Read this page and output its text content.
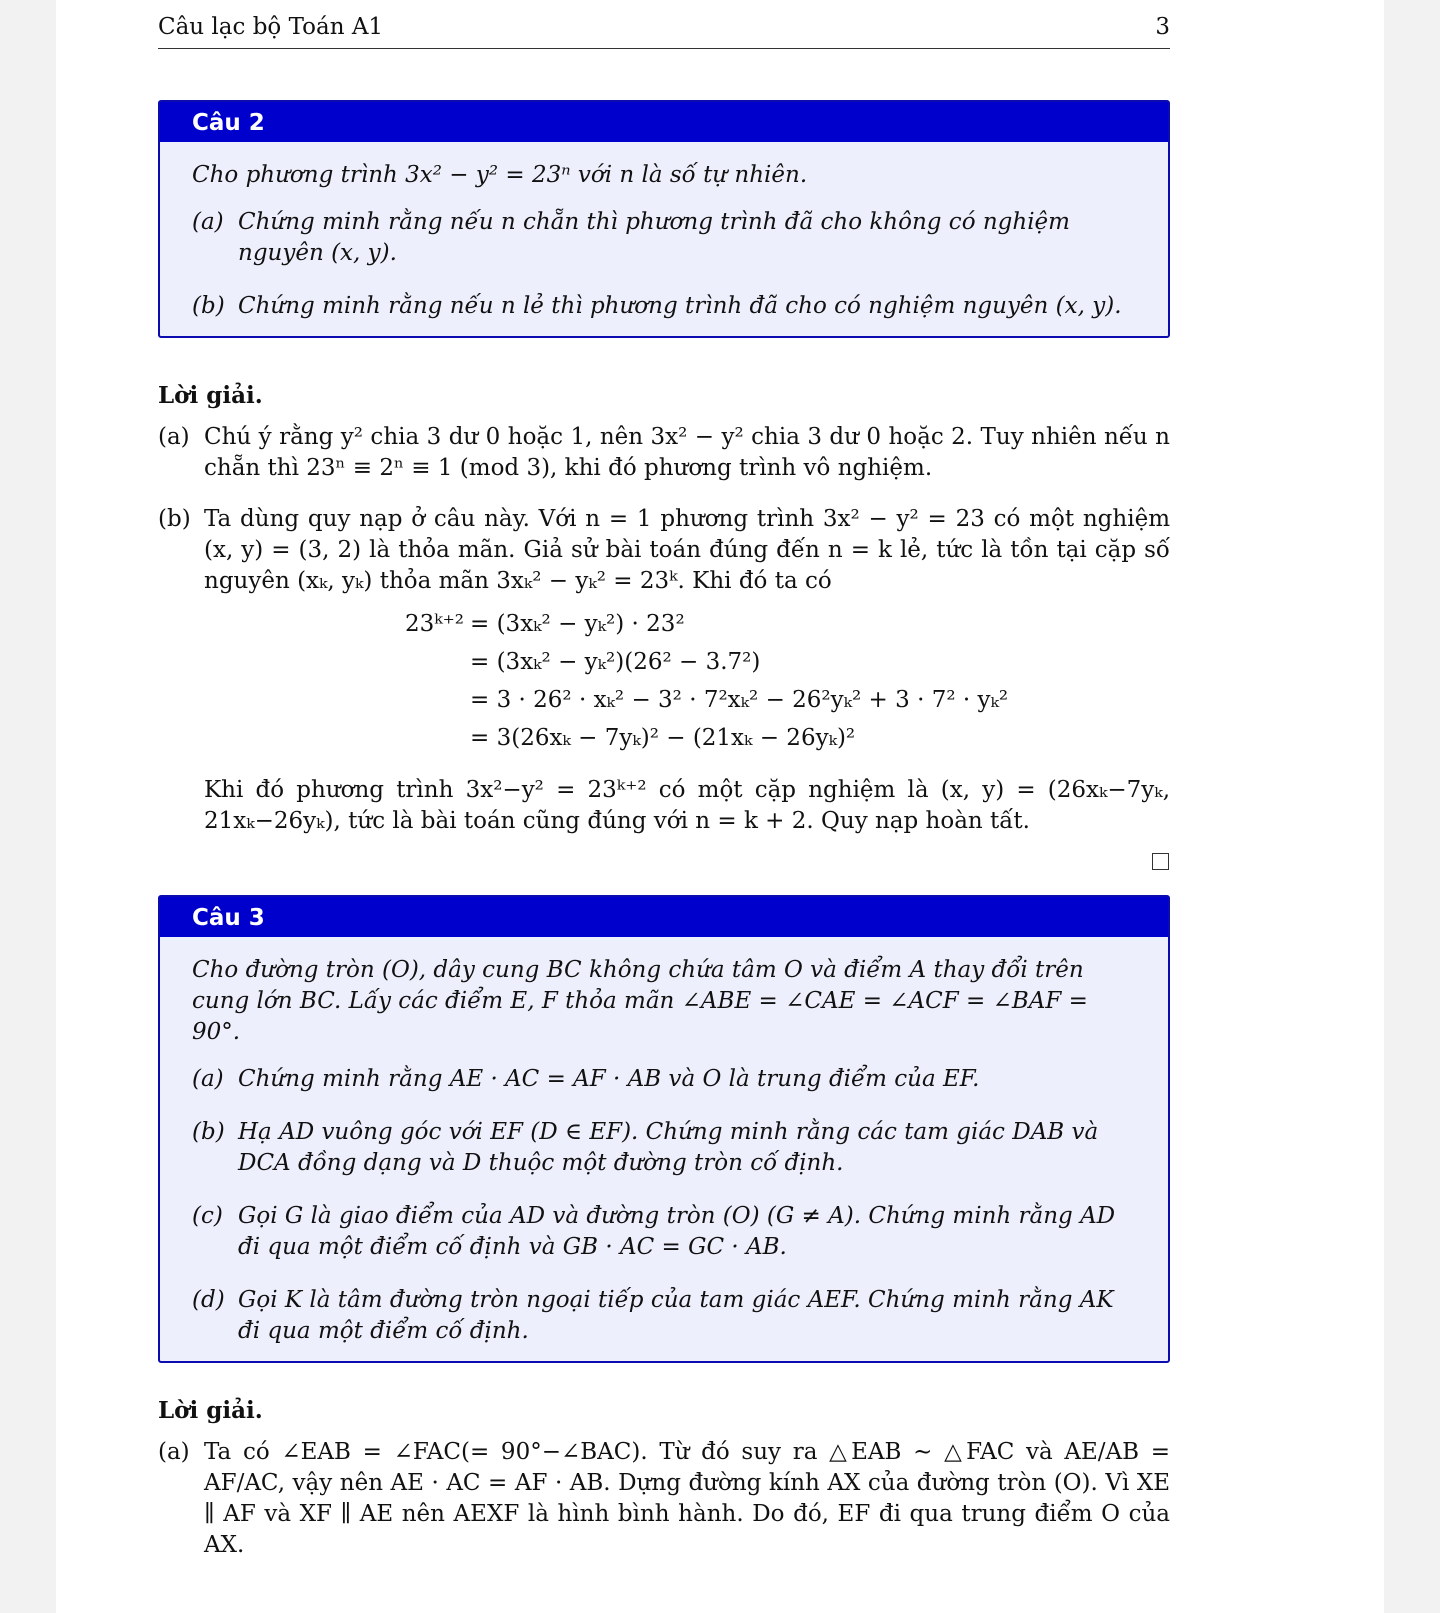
Câu lạc bộ Toán A1	3
Câu 2

Cho phương trình 3x² − y² = 23ⁿ với n là số tự nhiên.

(a) Chứng minh rằng nếu n chẵn thì phương trình đã cho không có nghiệm nguyên (x, y).
(b) Chứng minh rằng nếu n lẻ thì phương trình đã cho có nghiệm nguyên (x, y).
Lời giải.
(a) Chú ý rằng y² chia 3 dư 0 hoặc 1, nên 3x² − y² chia 3 dư 0 hoặc 2. Tuy nhiên nếu n chẵn thì 23ⁿ ≡ 2ⁿ ≡ 1 (mod 3), khi đó phương trình vô nghiệm.
(b) Ta dùng quy nạp ở câu này. Với n = 1 phương trình 3x² − y² = 23 có một nghiệm (x, y) = (3, 2) là thỏa mãn. Giả sử bài toán đúng đến n = k lẻ, tức là tồn tại cặp số nguyên (xₖ, yₖ) thỏa mãn 3xₖ² − yₖ² = 23ᵏ. Khi đó ta có
23ᵏ⁺² = (3xₖ² − yₖ²) · 23²
= (3xₖ² − yₖ²)(26² − 3.7²)
= 3 · 26² · xₖ² − 3² · 7²xₖ² − 26²yₖ² + 3 · 7² · yₖ²
= 3(26xₖ − 7yₖ)² − (21xₖ − 26yₖ)²
Khi đó phương trình 3x²−y² = 23ᵏ⁺² có một cặp nghiệm là (x, y) = (26xₖ−7yₖ, 21xₖ−26yₖ), tức là bài toán cũng đúng với n = k + 2. Quy nạp hoàn tất.
Câu 3

Cho đường tròn (O), dây cung BC không chứa tâm O và điểm A thay đổi trên cung lớn BC. Lấy các điểm E, F thỏa mãn ∠ABE = ∠CAE = ∠ACF = ∠BAF = 90°.

(a) Chứng minh rằng AE · AC = AF · AB và O là trung điểm của EF.
(b) Hạ AD vuông góc với EF (D ∈ EF). Chứng minh rằng các tam giác DAB và DCA đồng dạng và D thuộc một đường tròn cố định.
(c) Gọi G là giao điểm của AD và đường tròn (O) (G ≠ A). Chứng minh rằng AD đi qua một điểm cố định và GB · AC = GC · AB.
(d) Gọi K là tâm đường tròn ngoại tiếp của tam giác AEF. Chứng minh rằng AK đi qua một điểm cố định.
Lời giải.
(a) Ta có ∠EAB = ∠FAC(= 90°−∠BAC). Từ đó suy ra △EAB ∼ △FAC và AE/AB = AF/AC, vậy nên AE · AC = AF · AB. Dựng đường kính AX của đường tròn (O). Vì XE ∥ AF và XF ∥ AE nên AEXF là hình bình hành. Do đó, EF đi qua trung điểm O của AX.
